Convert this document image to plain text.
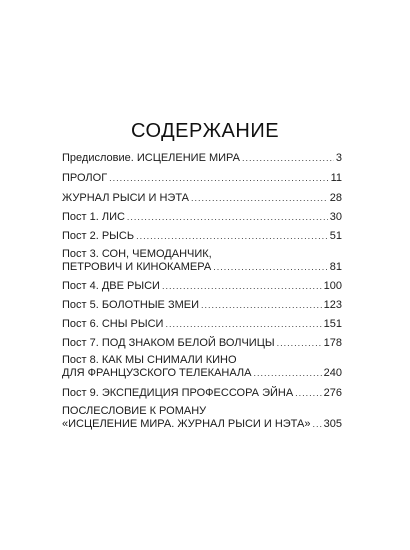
СОДЕРЖАНИЕ
Предисловие. ИСЦЕЛЕНИЕ МИРА .....	3
ПРОЛОГ .....	11
ЖУРНАЛ РЫСИ И НЭТА .....	28
Пост 1. ЛИС .....	30
Пост 2. РЫСЬ .....	51
Пост 3. СОН, ЧЕМОДАНЧИК,
ПЕТРОВИЧ И КИНОКАМЕРА .....	81
Пост 4. ДВЕ РЫСИ .....	100
Пост 5. БОЛОТНЫЕ ЗМЕИ .....	123
Пост 6. СНЫ РЫСИ .....	151
Пост 7. ПОД ЗНАКОМ БЕЛОЙ ВОЛЧИЦЫ .....	178
Пост 8. КАК МЫ СНИМАЛИ КИНО
ДЛЯ ФРАНЦУЗСКОГО ТЕЛЕКАНАЛА .....	240
Пост 9. ЭКСПЕДИЦИЯ ПРОФЕССОРА ЭЙНА .....	276
ПОСЛЕСЛОВИЕ К РОМАНУ
«ИСЦЕЛЕНИЕ МИРА. ЖУРНАЛ РЫСИ И НЭТА» ..... 305
